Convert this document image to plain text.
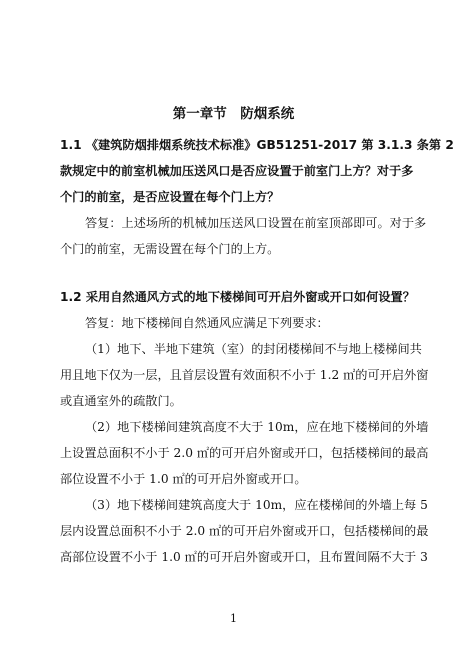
第一章节　防烟系统
1.1 《建筑防烟排烟系统技术标准》GB51251-2017 第 3.1.3 条第 2
款规定中的前室机械加压送风口是否应设置于前室门上方？对于多
个门的前室，是否应设置在每个门上方？
答复：上述场所的机械加压送风口设置在前室顶部即可。对于多
个门的前室，无需设置在每个门的上方。
1.2 采用自然通风方式的地下楼梯间可开启外窗或开口如何设置？
答复：地下楼梯间自然通风应满足下列要求：
（1）地下、半地下建筑（室）的封闭楼梯间不与地上楼梯间共
用且地下仅为一层，且首层设置有效面积不小于 1.2 ㎡的可开启外窗
或直通室外的疏散门。
（2）地下楼梯间建筑高度不大于 10m，应在地下楼梯间的外墙
上设置总面积不小于 2.0 ㎡的可开启外窗或开口，包括楼梯间的最高
部位设置不小于 1.0 ㎡的可开启外窗或开口。
（3）地下楼梯间建筑高度大于 10m，应在楼梯间的外墙上每 5
层内设置总面积不小于 2.0 ㎡的可开启外窗或开口，包括楼梯间的最
高部位设置不小于 1.0 ㎡的可开启外窗或开口，且布置间隔不大于 3
1
